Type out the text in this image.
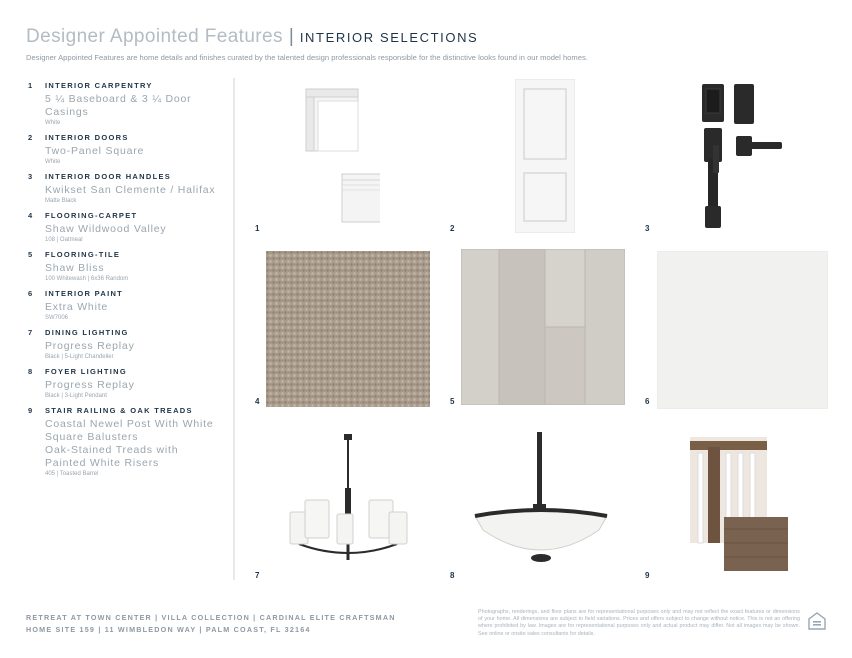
Designer Appointed Features | INTERIOR SELECTIONS
Designer Appointed Features are home details and finishes curated by the talented design professionals responsible for the distinctive looks found in our model homes.
1 INTERIOR CARPENTRY
5 ¼ Baseboard & 3 ¼ Door Casings
White
2 INTERIOR DOORS
Two-Panel Square
White
3 INTERIOR DOOR HANDLES
Kwikset San Clemente / Halifax
Matte Black
4 FLOORING-CARPET
Shaw Wildwood Valley
108 | Oatmeal
5 FLOORING-TILE
Shaw Bliss
100 Whitewash | 6x36 Random
6 INTERIOR PAINT
Extra White
SW7006
7 DINING LIGHTING
Progress Replay
Black | 5-Light Chandelier
8 FOYER LIGHTING
Progress Replay
Black | 3-Light Pendant
9 STAIR RAILING & OAK TREADS
Coastal Newel Post With White Square Balusters
Oak-Stained Treads with Painted White Risers
405 | Toasted Barrel
1	2	3
4	5	6
7	8	9
RETREAT AT TOWN CENTER | VILLA COLLECTION | CARDINAL ELITE CRAFTSMAN
HOME SITE 159 | 11 WIMBLEDON WAY | PALM COAST, FL 32164
Photographs, renderings, and floor plans are for representational purposes only and may not reflect the exact features or dimensions of your home. All dimensions are subject to field variations. Prices and offers subject to change without notice. This is not an offering where prohibited by law. Images are for representational purposes only and actual product may differ. Not all images may be shown. See online or onsite sales consultants for details.
